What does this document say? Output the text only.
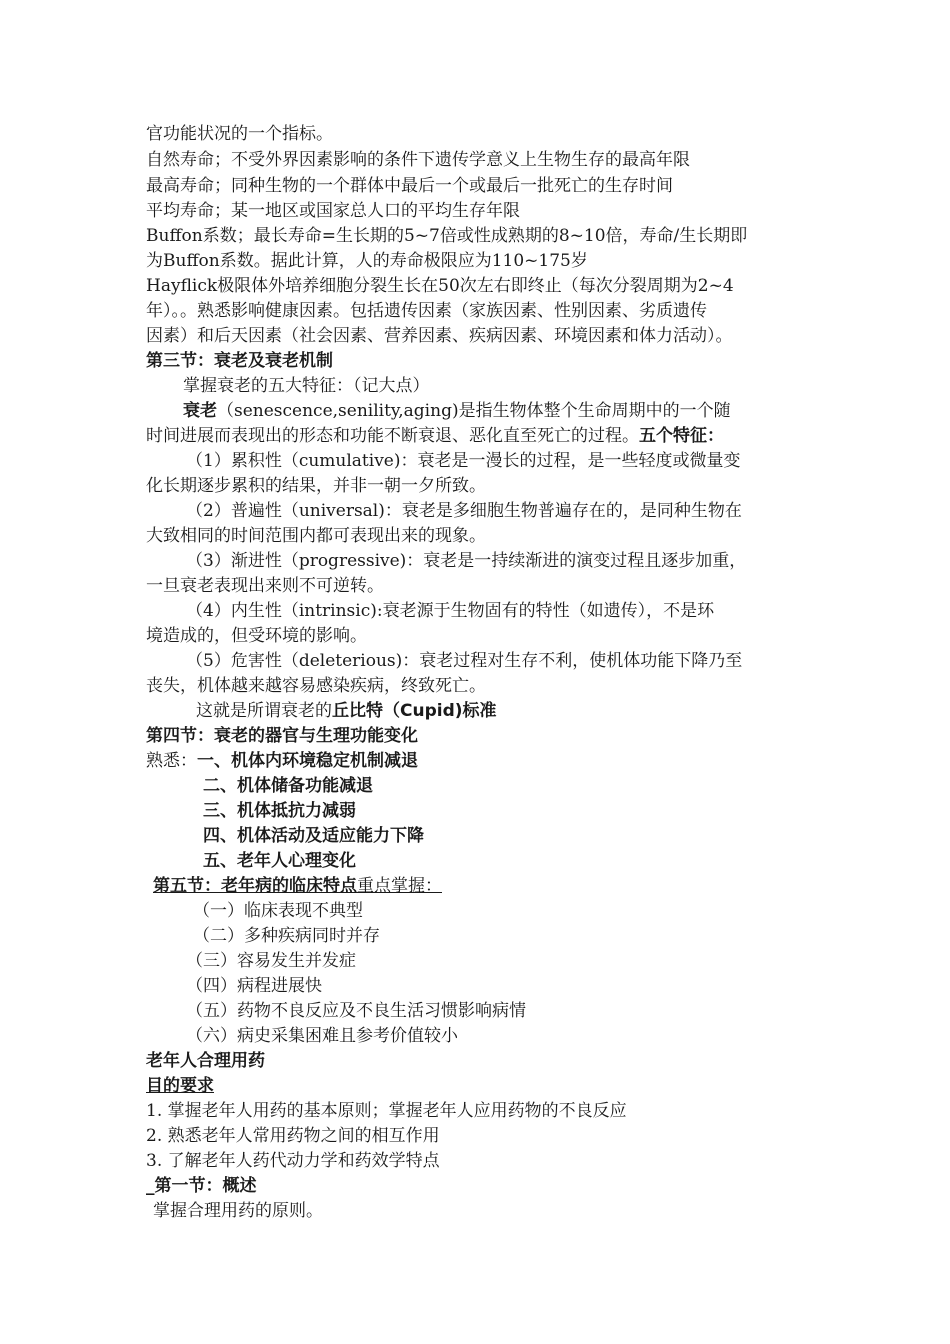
官功能状况的一个指标。
自然寿命；不受外界因素影响的条件下遗传学意义上生物生存的最高年限
最高寿命；同种生物的一个群体中最后一个或最后一批死亡的生存时间
平均寿命；某一地区或国家总人口的平均生存年限
Buffon系数；最长寿命=生长期的5~7倍或性成熟期的8~10倍，寿命/生长期即
为Buffon系数。据此计算，人的寿命极限应为110~175岁
Hayflick极限体外培养细胞分裂生长在50次左右即终止（每次分裂周期为2~4
年）。。熟悉影响健康因素。包括遗传因素（家族因素、性别因素、劣质遗传
因素）和后天因素（社会因素、营养因素、疾病因素、环境因素和体力活动）。
第三节：衰老及衰老机制
掌握衰老的五大特征：（记大点）
衰老（senescence,senility,aging)是指生物体整个生命周期中的一个随
时间进展而表现出的形态和功能不断衰退、恶化直至死亡的过程。五个特征：
（1）累积性（cumulative)：衰老是一漫长的过程，是一些轻度或微量变
化长期逐步累积的结果，并非一朝一夕所致。
（2）普遍性（universal)：衰老是多细胞生物普遍存在的，是同种生物在
大致相同的时间范围内都可表现出来的现象。
（3）渐进性（progressive)：衰老是一持续渐进的演变过程且逐步加重，
一旦衰老表现出来则不可逆转。
（4）内生性（intrinsic):衰老源于生物固有的特性（如遗传），不是环
境造成的，但受环境的影响。
（5）危害性（deleterious)：衰老过程对生存不利，使机体功能下降乃至
丧失，机体越来越容易感染疾病，终致死亡。
这就是所谓衰老的丘比特（Cupid)标准
第四节：衰老的器官与生理功能变化
熟悉：一、机体内环境稳定机制减退
二、机体储备功能减退
三、机体抵抗力减弱
四、机体活动及适应能力下降
五、老年人心理变化
第五节：老年病的临床特点重点掌握：
（一）临床表现不典型
（二）多种疾病同时并存
（三）容易发生并发症
（四）病程进展快
（五）药物不良反应及不良生活习惯影响病情
（六）病史采集困难且参考价值较小
老年人合理用药
目的要求
1. 掌握老年人用药的基本原则；掌握老年人应用药物的不良反应
2. 熟悉老年人常用药物之间的相互作用
3. 了解老年人药代动力学和药效学特点
_第一节：概述
掌握合理用药的原则。
